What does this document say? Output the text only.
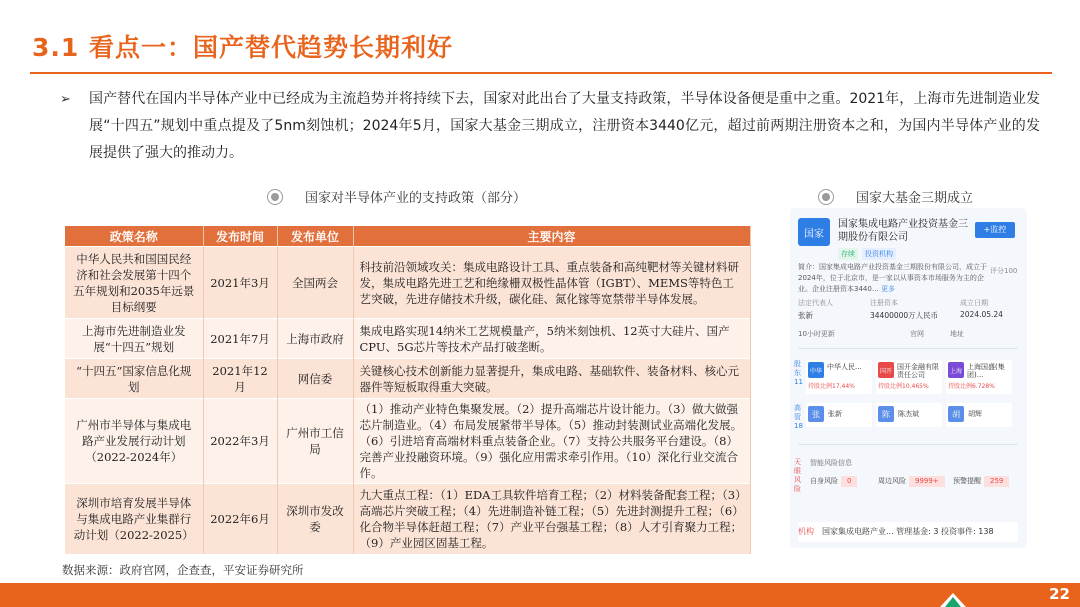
3.1 看点一：国产替代趋势长期利好
➢ 国产替代在国内半导体产业中已经成为主流趋势并将持续下去，国家对此出台了大量支持政策，半导体设备便是重中之重。2021年，上海市先进制造业发展“十四五”规划中重点提及了5nm刻蚀机；2024年5月，国家大基金三期成立，注册资本3440亿元，超过前两期注册资本之和，为国内半导体产业的发展提供了强大的推动力。
国家对半导体产业的支持政策（部分）	国家大基金三期成立
政策名称	发布时间	发布单位	主要内容
中华人民共和国国民经济和社会发展第十四个五年规划和2035年远景目标纲要	2021年3月	全国两会	科技前沿领域攻关：集成电路设计工具、重点装备和高纯靶材等关键材料研发，集成电路先进工艺和绝缘栅双极性晶体管（IGBT）、MEMS等特色工艺突破，先进存储技术升级，碳化硅、氮化镓等宽禁带半导体发展。
上海市先进制造业发展“十四五”规划	2021年7月	上海市政府	集成电路实现14纳米工艺规模量产，5纳米刻蚀机、12英寸大硅片、国产CPU、5G芯片等技术产品打破垄断。
“十四五”国家信息化规划	2021年12月	网信委	关键核心技术创新能力显著提升，集成电路、基础软件、装备材料、核心元器件等短板取得重大突破。
广州市半导体与集成电路产业发展行动计划（2022-2024年）	2022年3月	广州市工信局	（1）推动产业特色集聚发展。（2）提升高端芯片设计能力。（3）做大做强芯片制造业。（4）布局发展紧带半导体。（5）推动封装测试业高端化发展。（6）引进培育高端材料重点装备企业。（7）支持公共服务平台建设。（8）完善产业投融资环境。（9）强化应用需求牵引作用。（10）深化行业交流合作。
深圳市培育发展半导体与集成电路产业集群行动计划（2022-2025）	2022年6月	深圳市发改委	九大重点工程：（1）EDA工具软件培育工程；（2）材料装备配套工程；（3）高端芯片突破工程；（4）先进制造补链工程；（5）先进封测提升工程；（6）化合物半导体赶超工程；（7）产业平台强基工程；（8）人才引育聚力工程；（9）产业园区固基工程。
国家
国家集成电路产业投资基金三期股份有限公司
+监控
存续	投资机构
简介：国家集成电路产业投资基金三期股份有限公司，成立于2024年，位于北京市，是一家以从事资本市场服务为主的企业。企业注册资本3440… 更多
评分100
法定代表人
张新
注册资本
34400000万人民币
成立日期
2024.05.24
10小时更新	官网	地址
股东11
中华 中华人民...
持股比例17.44%
国开 国开金融有限责任公司
持股比例10.465%
上海 上海国盛(集团)...
持股比例6.728%
高管18
张	张新	陈	陈杰斌	胡	胡辉
天眼风险
智能风险信息
自身风险 0	周边风险 9999+	预警提醒 259
机构 国家集成电路产业... 管理基金: 3 投资事件: 138
数据来源：政府官网，企查查，平安证券研究所
22
